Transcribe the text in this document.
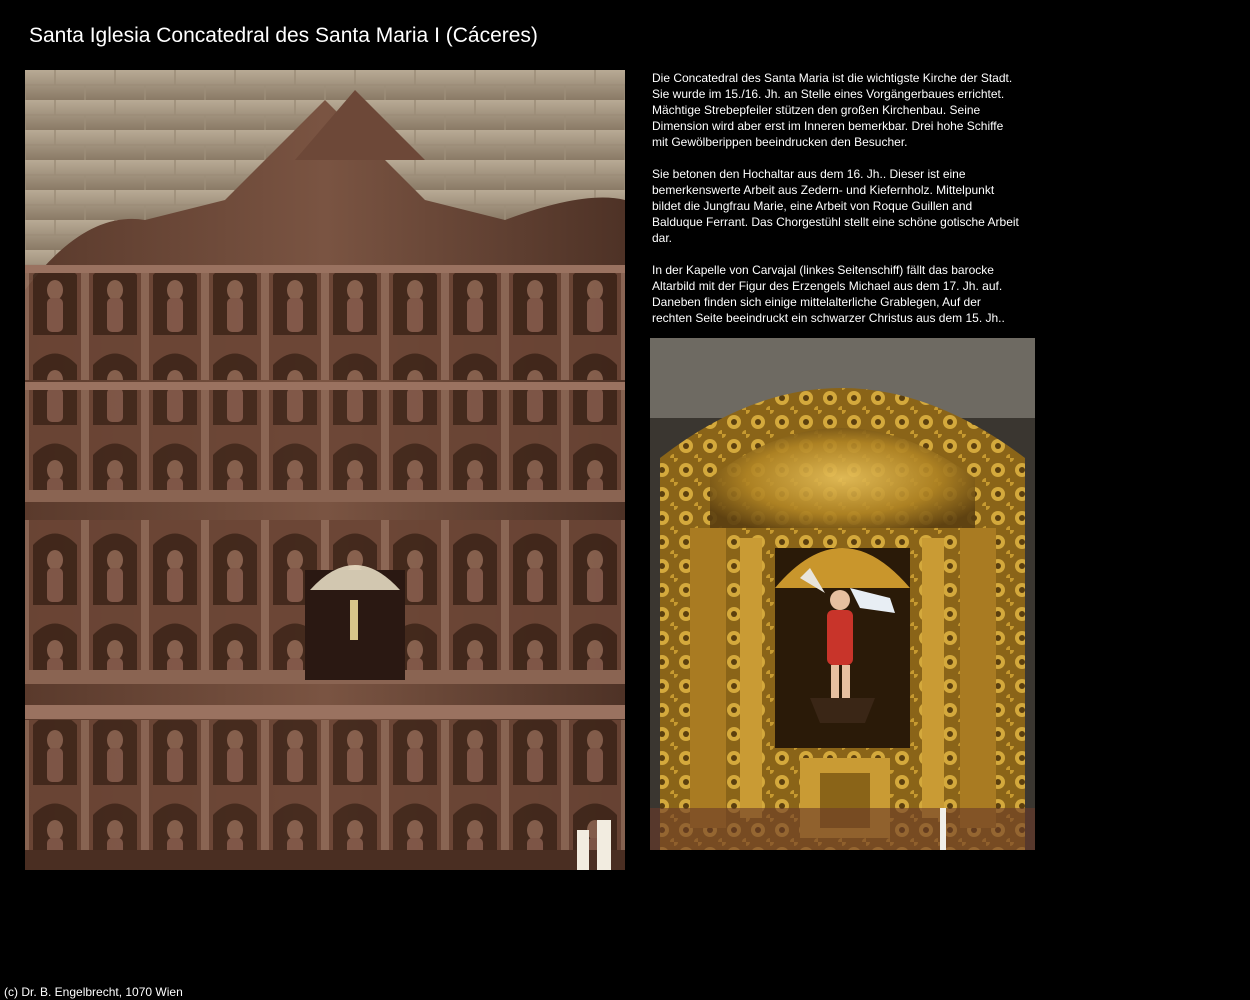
Santa Iglesia Concatedral des Santa Maria I (Cáceres)

Die Concatedral des Santa Maria ist die wichtigste Kirche der Stadt. Sie wurde im 15./16. Jh. an Stelle eines Vorgängerbaues errichtet. Mächtige Strebepfeiler stützen den großen Kirchenbau. Seine Dimension wird aber erst im Inneren bemerkbar. Drei hohe Schiffe mit Gewölberippen beeindrucken den Besucher.

Sie betonen den Hochaltar aus dem 16. Jh.. Dieser ist eine bemerkenswerte Arbeit aus Zedern- und Kiefernholz. Mittelpunkt bildet die Jungfrau Marie, eine Arbeit von Roque Guillen and Balduque Ferrant. Das Chorgestühl stellt eine schöne gotische Arbeit dar.

In der Kapelle von Carvajal (linkes Seitenschiff) fällt das barocke Altarbild mit der Figur des Erzengels Michael aus dem 17. Jh. auf. Daneben finden sich einige mittelalterliche Grablegen, Auf der rechten Seite beeindruckt ein schwarzer Christus aus dem 15. Jh..

(c) Dr. B. Engelbrecht, 1070 Wien
